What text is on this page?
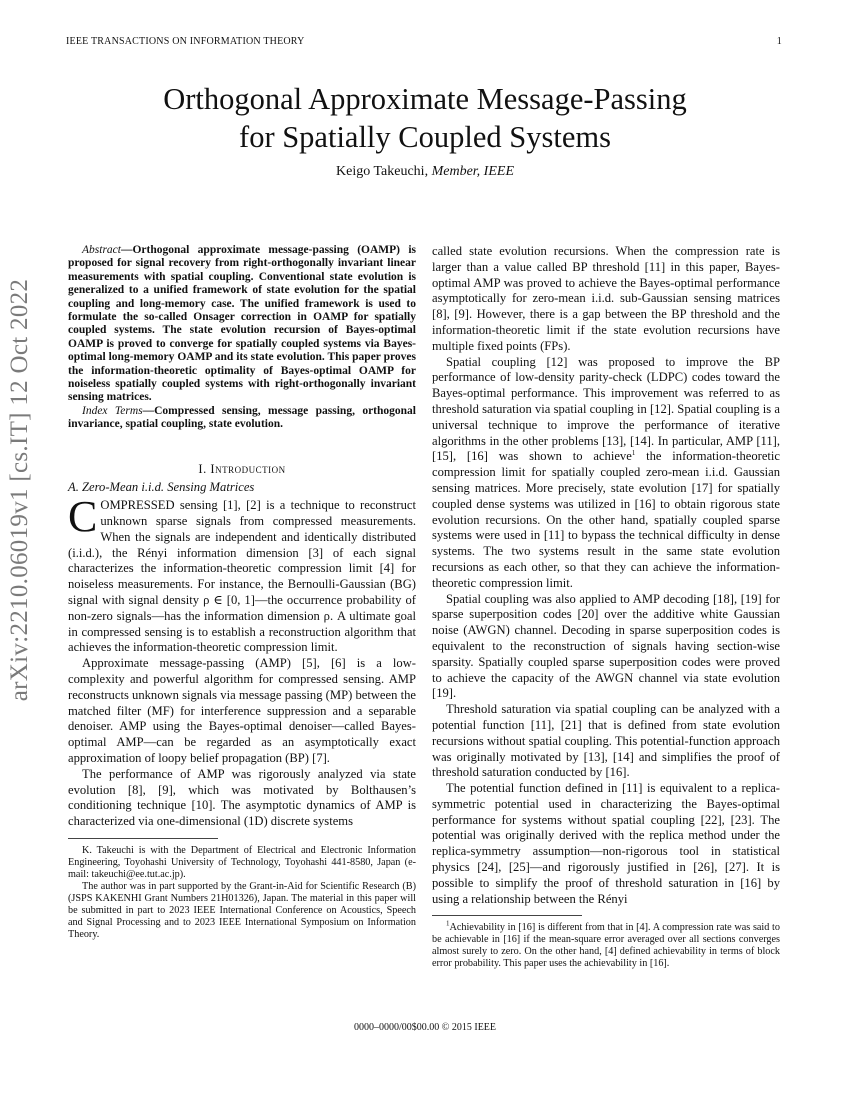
IEEE TRANSACTIONS ON INFORMATION THEORY	1
Orthogonal Approximate Message-Passing
for Spatially Coupled Systems
Keigo Takeuchi, Member, IEEE
arXiv:2210.06019v1 [cs.IT] 12 Oct 2022

Abstract—Orthogonal approximate message-passing (OAMP) is proposed for signal recovery from right-orthogonally invariant linear measurements with spatial coupling. Conventional state evolution is generalized to a unified framework of state evolution for the spatial coupling and long-memory case. The unified framework is used to formulate the so-called Onsager correction in OAMP for spatially coupled systems. The state evolution recursion of Bayes-optimal OAMP is proved to converge for spatially coupled systems via Bayes-optimal long-memory OAMP and its state evolution. This paper proves the information-theoretic optimality of Bayes-optimal OAMP for noiseless spatially coupled systems with right-orthogonally invariant sensing matrices.

Index Terms—Compressed sensing, message passing, orthogonal invariance, spatial coupling, state evolution.

I. Introduction
A. Zero-Mean i.i.d. Sensing Matrices

COMPRESSED sensing [1], [2] is a technique to reconstruct unknown sparse signals from compressed measurements. When the signals are independent and identically distributed (i.i.d.), the Rényi information dimension [3] of each signal characterizes the information-theoretic compression limit [4] for noiseless measurements. For instance, the Bernoulli-Gaussian (BG) signal with signal density ρ ∈ [0, 1]—the occurrence probability of non-zero signals—has the information dimension ρ. A ultimate goal in compressed sensing is to establish a reconstruction algorithm that achieves the information-theoretic compression limit.

Approximate message-passing (AMP) [5], [6] is a low-complexity and powerful algorithm for compressed sensing. AMP reconstructs unknown signals via message passing (MP) between the matched filter (MF) for interference suppression and a separable denoiser. AMP using the Bayes-optimal denoiser—called Bayes-optimal AMP—can be regarded as an asymptotically exact approximation of loopy belief propagation (BP) [7].

The performance of AMP was rigorously analyzed via state evolution [8], [9], which was motivated by Bolthausen’s conditioning technique [10]. The asymptotic dynamics of AMP is characterized via one-dimensional (1D) discrete systems

K. Takeuchi is with the Department of Electrical and Electronic Information Engineering, Toyohashi University of Technology, Toyohashi 441-8580, Japan (e-mail: takeuchi@ee.tut.ac.jp).

The author was in part supported by the Grant-in-Aid for Scientific Research (B) (JSPS KAKENHI Grant Numbers 21H01326), Japan. The material in this paper will be submitted in part to 2023 IEEE International Conference on Acoustics, Speech and Signal Processing and to 2023 IEEE International Symposium on Information Theory.

called state evolution recursions. When the compression rate is larger than a value called BP threshold [11] in this paper, Bayes-optimal AMP was proved to achieve the Bayes-optimal performance asymptotically for zero-mean i.i.d. sub-Gaussian sensing matrices [8], [9]. However, there is a gap between the BP threshold and the information-theoretic limit if the state evolution recursions have multiple fixed points (FPs).

Spatial coupling [12] was proposed to improve the BP performance of low-density parity-check (LDPC) codes toward the Bayes-optimal performance. This improvement was referred to as threshold saturation via spatial coupling in [12]. Spatial coupling is a universal technique to improve the performance of iterative algorithms in the other problems [13], [14]. In particular, AMP [11], [15], [16] was shown to achieve$^1$ the information-theoretic compression limit for spatially coupled zero-mean i.i.d. Gaussian sensing matrices. More precisely, state evolution [17] for spatially coupled dense systems was utilized in [16] to obtain rigorous state evolution recursions. On the other hand, spatially coupled sparse systems were used in [11] to bypass the technical difficulty in dense systems. The two systems result in the same state evolution recursions as each other, so that they can achieve the information-theoretic compression limit.

Spatial coupling was also applied to AMP decoding [18], [19] for sparse superposition codes [20] over the additive white Gaussian noise (AWGN) channel. Decoding in sparse superposition codes is equivalent to the reconstruction of signals having section-wise sparsity. Spatially coupled sparse superposition codes were proved to achieve the capacity of the AWGN channel via state evolution [19].

Threshold saturation via spatial coupling can be analyzed with a potential function [11], [21] that is defined from state evolution recursions without spatial coupling. This potential-function approach was originally motivated by [13], [14] and simplifies the proof of threshold saturation conducted by [16].

The potential function defined in [11] is equivalent to a replica-symmetric potential used in characterizing the Bayes-optimal performance for systems without spatial coupling [22], [23]. The potential was originally derived with the replica method under the replica-symmetry assumption—non-rigorous tool in statistical physics [24], [25]—and rigorously justified in [26], [27]. It is possible to simplify the proof of threshold saturation in [16] by using a relationship between the Rényi

$^1$Achievability in [16] is different from that in [4]. A compression rate was said to be achievable in [16] if the mean-square error averaged over all sections converges almost surely to zero. On the other hand, [4] defined achievability in terms of block error probability. This paper uses the achievability in [16].

0000–0000/00$00.00 © 2015 IEEE
